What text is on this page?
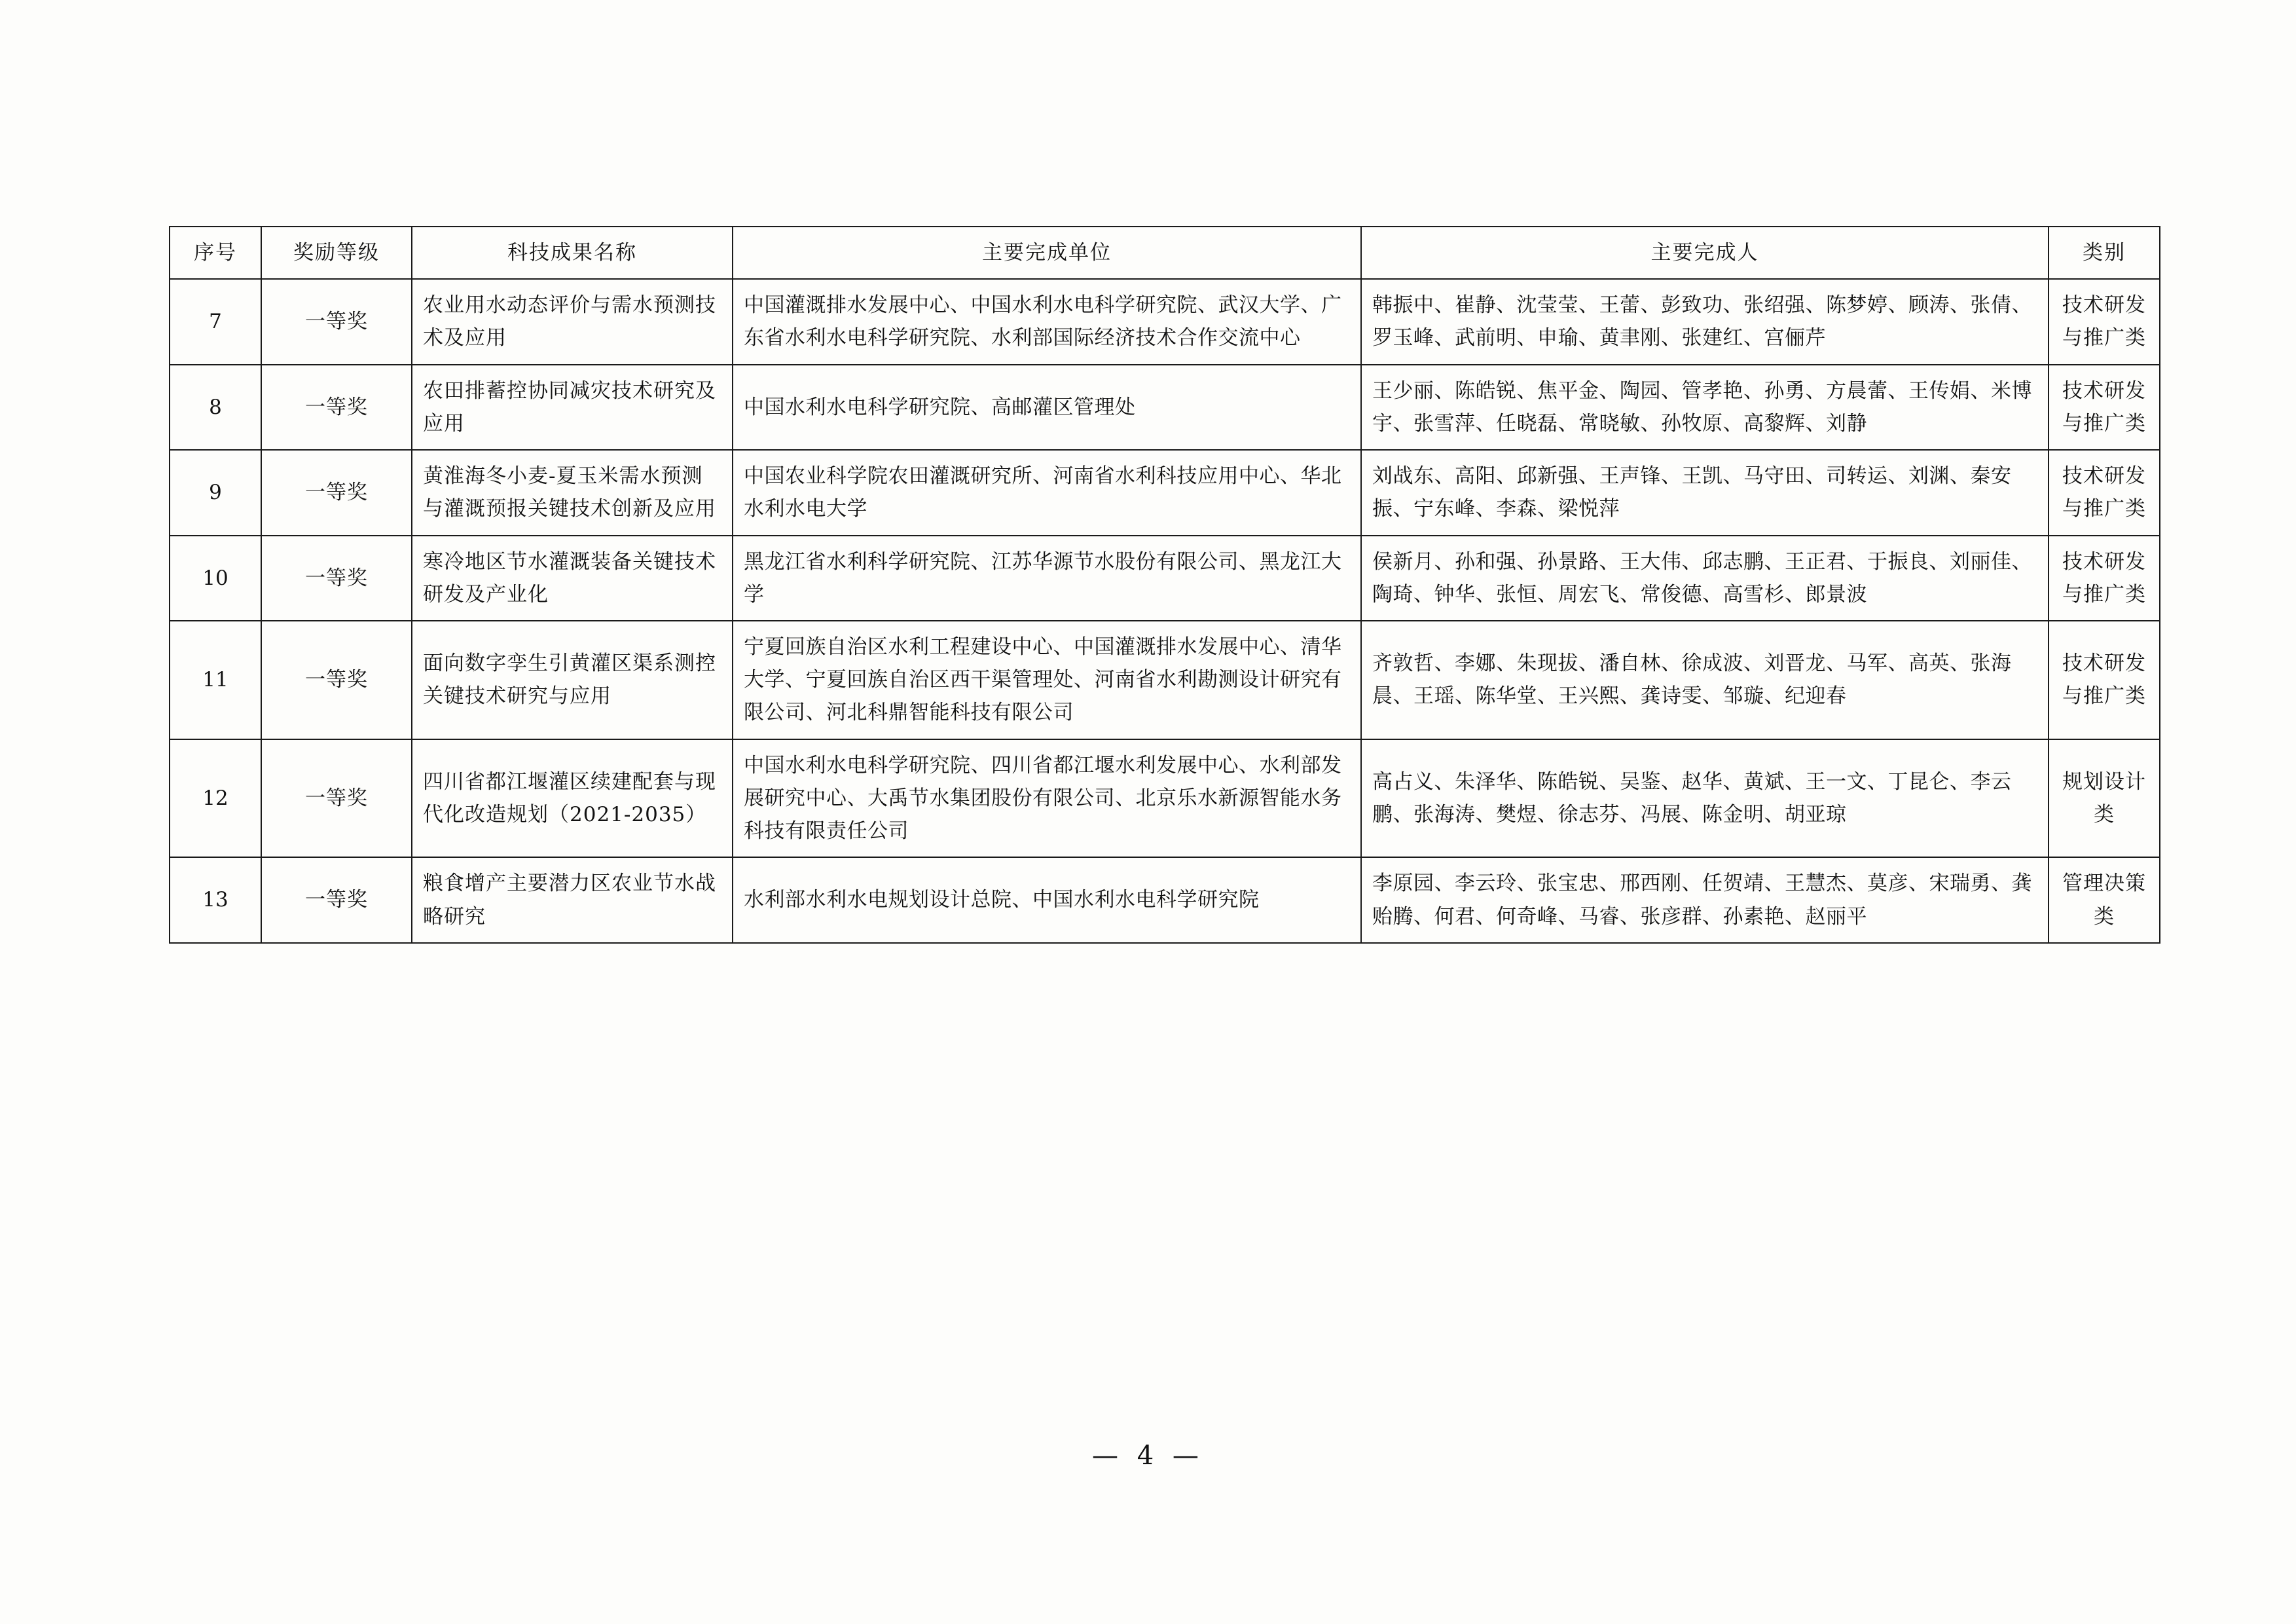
序号	奖励等级	科技成果名称	主要完成单位	主要完成人	类别
7	一等奖	农业用水动态评价与需水预测技术及应用	中国灌溉排水发展中心、中国水利水电科学研究院、武汉大学、广东省水利水电科学研究院、水利部国际经济技术合作交流中心	韩振中、崔静、沈莹莹、王蕾、彭致功、张绍强、陈梦婷、顾涛、张倩、罗玉峰、武前明、申瑜、黄聿刚、张建红、宫俪芹	技术研发与推广类
8	一等奖	农田排蓄控协同减灾技术研究及应用	中国水利水电科学研究院、高邮灌区管理处	王少丽、陈皓锐、焦平金、陶园、管孝艳、孙勇、方晨蕾、王传娟、米博宇、张雪萍、任晓磊、常晓敏、孙牧原、高黎辉、刘静	技术研发与推广类
9	一等奖	黄淮海冬小麦-夏玉米需水预测与灌溉预报关键技术创新及应用	中国农业科学院农田灌溉研究所、河南省水利科技应用中心、华北水利水电大学	刘战东、高阳、邱新强、王声锋、王凯、马守田、司转运、刘渊、秦安振、宁东峰、李森、梁悦萍	技术研发与推广类
10	一等奖	寒冷地区节水灌溉装备关键技术研发及产业化	黑龙江省水利科学研究院、江苏华源节水股份有限公司、黑龙江大学	侯新月、孙和强、孙景路、王大伟、邱志鹏、王正君、于振良、刘丽佳、陶琦、钟华、张恒、周宏飞、常俊德、高雪杉、郎景波	技术研发与推广类
11	一等奖	面向数字孪生引黄灌区渠系测控关键技术研究与应用	宁夏回族自治区水利工程建设中心、中国灌溉排水发展中心、清华大学、宁夏回族自治区西干渠管理处、河南省水利勘测设计研究有限公司、河北科鼎智能科技有限公司	齐敦哲、李娜、朱现拔、潘自林、徐成波、刘晋龙、马军、高英、张海晨、王瑶、陈华堂、王兴熙、龚诗雯、邹璇、纪迎春	技术研发与推广类
12	一等奖	四川省都江堰灌区续建配套与现代化改造规划（2021-2035）	中国水利水电科学研究院、四川省都江堰水利发展中心、水利部发展研究中心、大禹节水集团股份有限公司、北京乐水新源智能水务科技有限责任公司	高占义、朱泽华、陈皓锐、吴鉴、赵华、黄斌、王一文、丁昆仑、李云鹏、张海涛、樊煜、徐志芬、冯展、陈金明、胡亚琼	规划设计类
13	一等奖	粮食增产主要潜力区农业节水战略研究	水利部水利水电规划设计总院、中国水利水电科学研究院	李原园、李云玲、张宝忠、邢西刚、任贺靖、王慧杰、莫彦、宋瑞勇、龚贻腾、何君、何奇峰、马睿、张彦群、孙素艳、赵丽平	管理决策类
— 4 —
